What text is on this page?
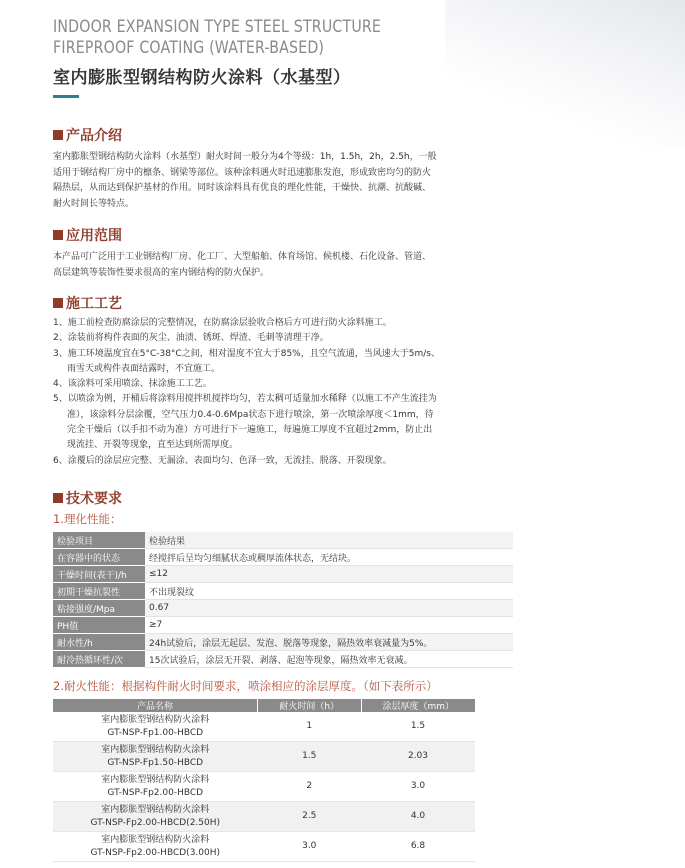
INDOOR EXPANSION TYPE STEEL STRUCTURE
FIREPROOF COATING (WATER-BASED)
室内膨胀型钢结构防火涂料（水基型）
产品介绍
室内膨胀型钢结构防火涂料（水基型）耐火时间一般分为4个等级：1h，1.5h，2h，2.5h，一般
适用于钢结构厂房中的檩条、钢梁等部位。该种涂料遇火时迅速膨胀发泡，形成致密均匀的防火
隔热层，从而达到保护基材的作用。同时该涂料具有优良的理化性能，干燥快、抗潮、抗酸碱、
耐火时间长等特点。
应用范围
本产品可广泛用于工业钢结构厂房、化工厂、大型船舶、体育场馆、候机楼、石化设备、管道、
高层建筑等装饰性要求很高的室内钢结构的防火保护。
施工工艺
1、施工前检查防腐涂层的完整情况，在防腐涂层验收合格后方可进行防火涂料施工。
2、涂装前将构件表面的灰尘、油渍、锈斑、焊渣、毛刺等清理干净。
3、施工环境温度宜在5°C-38°C之间，相对湿度不宜大于85%，且空气流通，当风速大于5m/s、
雨雪天或构件表面结露时，不宜施工。
4、该涂料可采用喷涂、抹涂施工工艺。
5、以喷涂为例，开桶后将涂料用搅拌机搅拌均匀，若太稠可适量加水稀释（以施工不产生流挂为
准），该涂料分层涂覆，空气压力0.4-0.6Mpa状态下进行喷涂，第一次喷涂厚度＜1mm，待
完全干燥后（以手扣不动为准）方可进行下一遍施工，每遍施工厚度不宜超过2mm，防止出
现流挂、开裂等现象，直至达到所需厚度。
6、涂覆后的涂层应完整、无漏涂、表面均匀、色泽一致，无流挂、脱落、开裂现象。
技术要求
1.理化性能：
检验项目	检验结果
在容器中的状态	经搅拌后呈均匀细腻状态或稠厚流体状态，无结块。
干燥时间(表干)/h	≤12
初期干燥抗裂性	不出现裂纹
粘接强度/Mpa	0.67
PH值	≥7
耐水性/h	24h试验后，涂层无起层、发泡、脱落等现象，隔热效率衰减量为5%。
耐冷热循环性/次	15次试验后，涂层无开裂、剥落、起泡等现象，隔热效率无衰减。
2.耐火性能：根据构件耐火时间要求，喷涂相应的涂层厚度。（如下表所示）
产品名称	耐火时间（h）	涂层厚度（mm）

室内膨胀型钢结构防火涂料
GT-NSP-Fp1.00-HBCD	1	1.5

室内膨胀型钢结构防火涂料
GT-NSP-Fp1.50-HBCD	1.5	2.03

室内膨胀型钢结构防火涂料
GT-NSP-Fp2.00-HBCD	2	3.0

室内膨胀型钢结构防火涂料
GT-NSP-Fp2.00-HBCD(2.50H)	2.5	4.0

室内膨胀型钢结构防火涂料
GT-NSP-Fp2.00-HBCD(3.00H)	3.0	6.8
